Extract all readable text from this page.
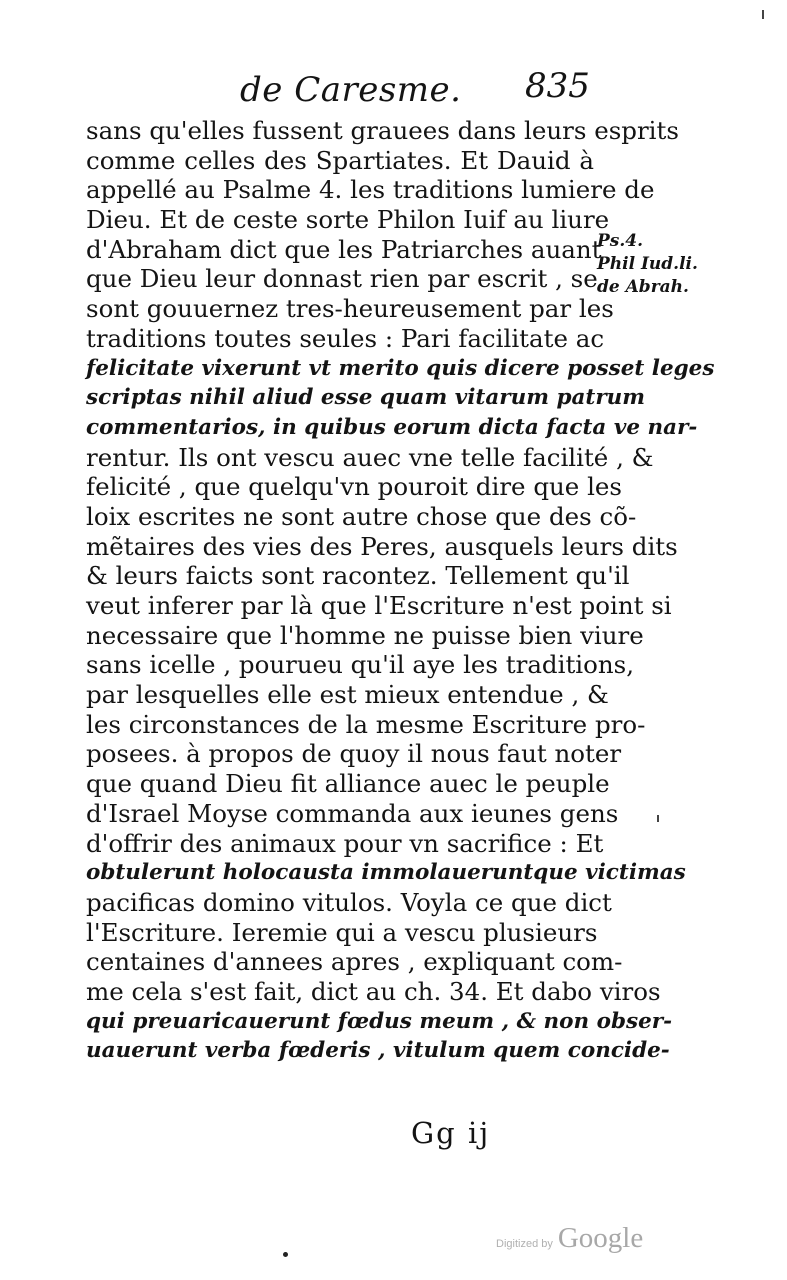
de Caresme. 835
sans qu'elles fussent grauees dans leurs esprits
comme celles des Spartiates. Et Dauid à
appellé au Psalme 4. les traditions lumiere de
Dieu. Et de ceste sorte Philon Iuif au liure
d'Abraham dict que les Patriarches auant
que Dieu leur donnast rien par escrit , se
sont gouuernez tres-heureusement par les
traditions toutes seules : Pari facilitate ac
felicitate vixerunt vt merito quis dicere posset leges
scriptas nihil aliud esse quam vitarum patrum
commentarios, in quibus eorum dicta facta ve nar-
rentur. Ils ont vescu auec vne telle facilité , &
felicité , que quelqu'vn pouroit dire que les
loix escrites ne sont autre chose que des cõ-
mẽtaires des vies des Peres, ausquels leurs dits
& leurs faicts sont racontez. Tellement qu'il
veut inferer par là que l'Escriture n'est point si
necessaire que l'homme ne puisse bien viure
sans icelle , pourueu qu'il aye les traditions,
par lesquelles elle est mieux entendue , &
les circonstances de la mesme Escriture pro-
posees. à propos de quoy il nous faut noter
que quand Dieu fit alliance auec le peuple
d'Israel Moyse commanda aux ieunes gens
d'offrir des animaux pour vn sacrifice : Et
obtulerunt holocausta immolaueruntque victimas
pacificas domino vitulos. Voyla ce que dict
l'Escriture. Ieremie qui a vescu plusieurs
centaines d'annees apres , expliquant com-
me cela s'est fait, dict au ch. 34. Et dabo viros
qui preuaricauerunt fœdus meum , & non obser-
uauerunt verba fœderis , vitulum quem concide-
Ps.4.
Phil Iud.li.
de Abrah.
Gg ij
Digitized by Google
